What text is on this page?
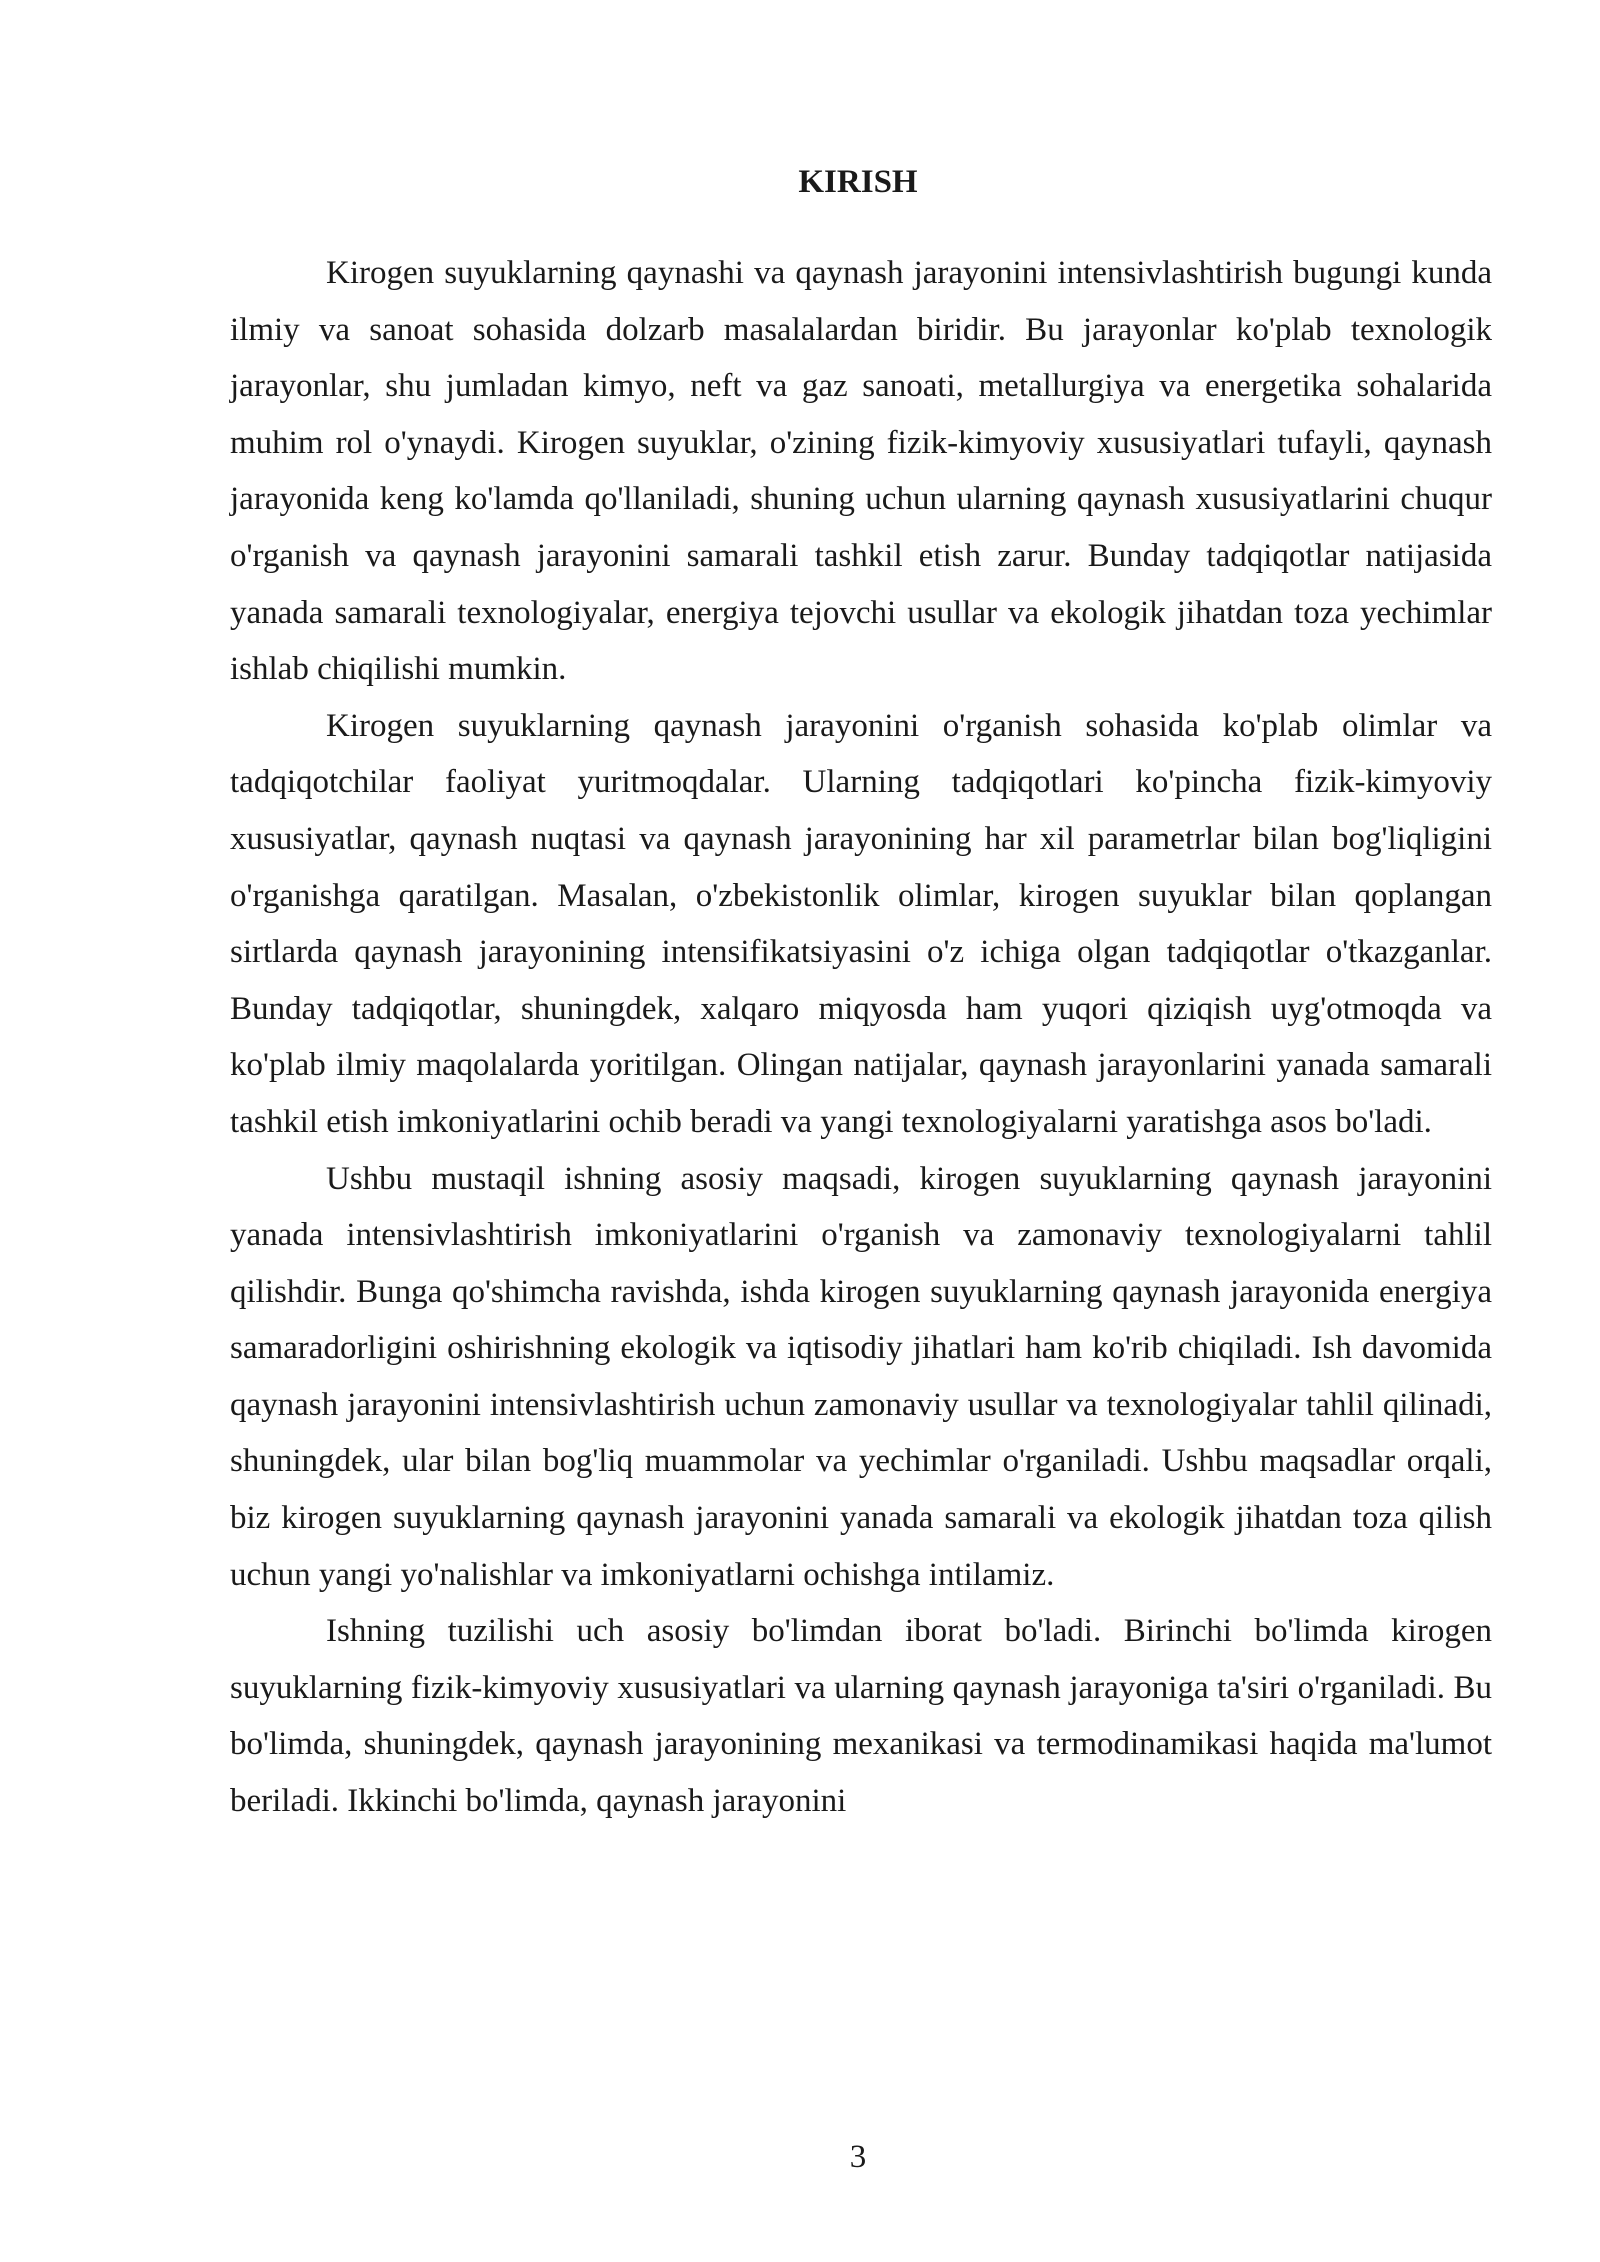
KIRISH

Kirogen suyuklarning qaynashi va qaynash jarayonini intensivlashtirish bugungi kunda ilmiy va sanoat sohasida dolzarb masalalardan biridir. Bu jarayonlar ko'plab texnologik jarayonlar, shu jumladan kimyo, neft va gaz sanoati, metallurgiya va energetika sohalarida muhim rol o'ynaydi. Kirogen suyuklar, o'zining fizik-kimyoviy xususiyatlari tufayli, qaynash jarayonida keng ko'lamda qo'llaniladi, shuning uchun ularning qaynash xususiyatlarini chuqur o'rganish va qaynash jarayonini samarali tashkil etish zarur. Bunday tadqiqotlar natijasida yanada samarali texnologiyalar, energiya tejovchi usullar va ekologik jihatdan toza yechimlar ishlab chiqilishi mumkin.

Kirogen suyuklarning qaynash jarayonini o'rganish sohasida ko'plab olimlar va tadqiqotchilar faoliyat yuritmoqdalar. Ularning tadqiqotlari ko'pincha fizik-kimyoviy xususiyatlar, qaynash nuqtasi va qaynash jarayonining har xil parametrlar bilan bog'liqligini o'rganishga qaratilgan. Masalan, o'zbekistonlik olimlar, kirogen suyuklar bilan qoplangan sirtlarda qaynash jarayonining intensifikatsiyasini o'z ichiga olgan tadqiqotlar o'tkazganlar. Bunday tadqiqotlar, shuningdek, xalqaro miqyosda ham yuqori qiziqish uyg'otmoqda va ko'plab ilmiy maqolalarda yoritilgan. Olingan natijalar, qaynash jarayonlarini yanada samarali tashkil etish imkoniyatlarini ochib beradi va yangi texnologiyalarni yaratishga asos bo'ladi.

Ushbu mustaqil ishning asosiy maqsadi, kirogen suyuklarning qaynash jarayonini yanada intensivlashtirish imkoniyatlarini o'rganish va zamonaviy texnologiyalarni tahlil qilishdir. Bunga qo'shimcha ravishda, ishda kirogen suyuklarning qaynash jarayonida energiya samaradorligini oshirishning ekologik va iqtisodiy jihatlari ham ko'rib chiqiladi. Ish davomida qaynash jarayonini intensivlashtirish uchun zamonaviy usullar va texnologiyalar tahlil qilinadi, shuningdek, ular bilan bog'liq muammolar va yechimlar o'rganiladi. Ushbu maqsadlar orqali, biz kirogen suyuklarning qaynash jarayonini yanada samarali va ekologik jihatdan toza qilish uchun yangi yo'nalishlar va imkoniyatlarni ochishga intilamiz.

Ishning tuzilishi uch asosiy bo'limdan iborat bo'ladi. Birinchi bo'limda kirogen suyuklarning fizik-kimyoviy xususiyatlari va ularning qaynash jarayoniga ta'siri o'rganiladi. Bu bo'limda, shuningdek, qaynash jarayonining mexanikasi va termodinamikasi haqida ma'lumot beriladi. Ikkinchi bo'limda, qaynash jarayonini

3
